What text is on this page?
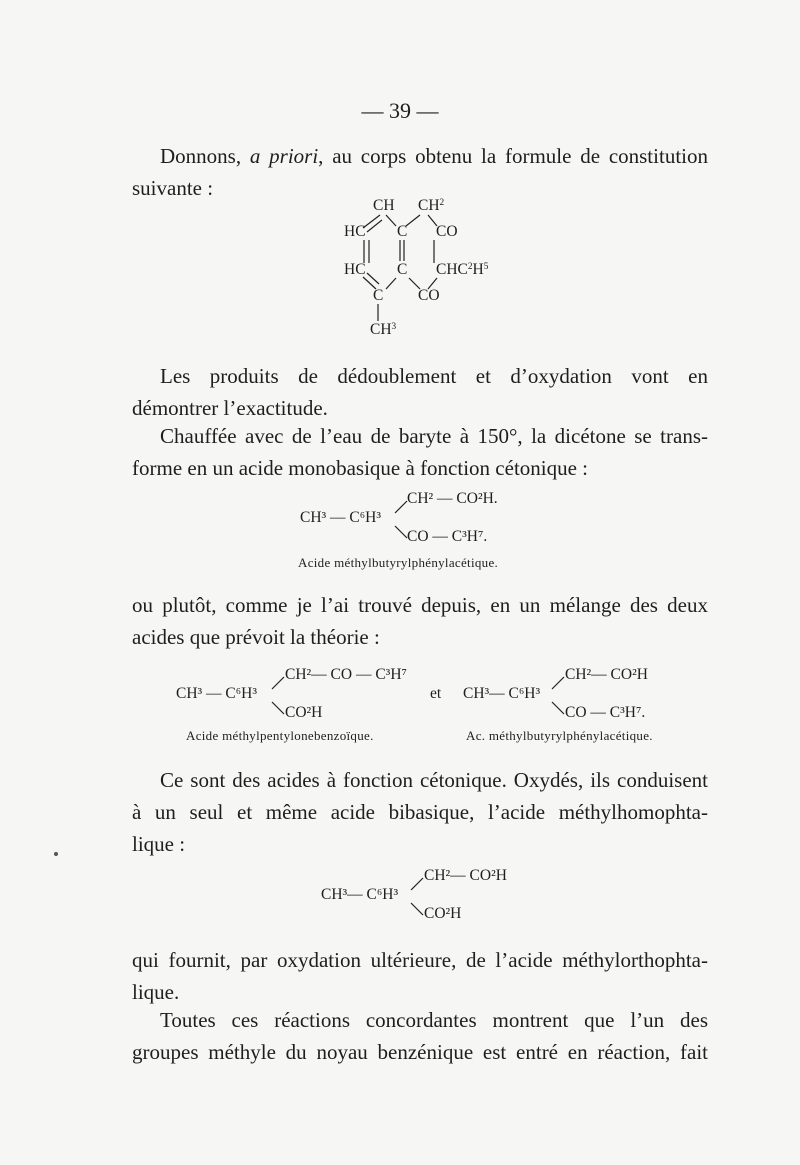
— 39 —
Donnons, a priori, au corps obtenu la formule de constitution
suivante :
CH $CH^2$
HC C CO
HC C $CHC^2H^5$
C CO
$CH^3$
Les produits de dédoublement et d’oxydation vont en
démontrer l’exactitude.
Chauffée avec de l’eau de baryte à 150°, la dicétone se trans-
forme en un acide monobasique à fonction cétonique :
CH³ — C⁶H³
CH² — CO²H.
CO — C³H⁷.
Acide méthylbutyrylphénylacétique.
ou plutôt, comme je l’ai trouvé depuis, en un mélange des deux
acides que prévoit la théorie :
CH³ — C⁶H³
CH²— CO — C³H⁷
CO²H
Acide méthylpentylonebenzoïque.
et CH³— C⁶H³
CH²— CO²H
CO — C³H⁷.
Ac. méthylbutyrylphénylacétique.
Ce sont des acides à fonction cétonique. Oxydés, ils conduisent
à un seul et même acide bibasique, l’acide méthylhomophta-
lique :
CH³— C⁶H³
CH²— CO²H
CO²H
qui fournit, par oxydation ultérieure, de l’acide méthylorthophta-
lique.
Toutes ces réactions concordantes montrent que l’un des
groupes méthyle du noyau benzénique est entré en réaction, fait
